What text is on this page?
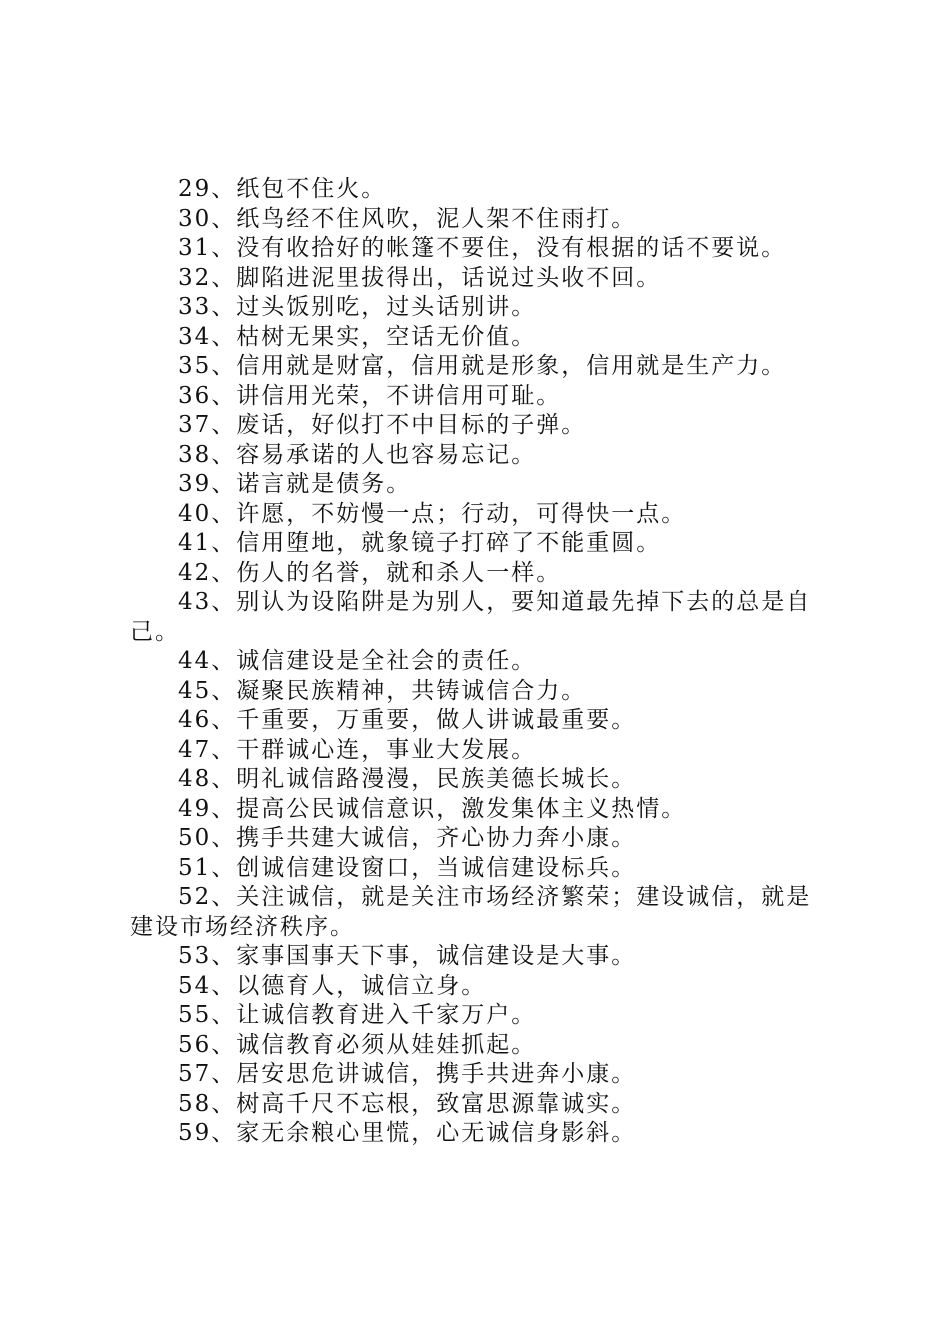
29、纸包不住火。

30、纸鸟经不住风吹，泥人架不住雨打。

31、没有收拾好的帐篷不要住，没有根据的话不要说。

32、脚陷进泥里拔得出，话说过头收不回。

33、过头饭别吃，过头话别讲。

34、枯树无果实，空话无价值。

35、信用就是财富，信用就是形象，信用就是生产力。

36、讲信用光荣，不讲信用可耻。

37、废话，好似打不中目标的子弹。

38、容易承诺的人也容易忘记。

39、诺言就是债务。

40、许愿，不妨慢一点；行动，可得快一点。

41、信用堕地，就象镜子打碎了不能重圆。

42、伤人的名誉，就和杀人一样。

43、别认为设陷阱是为别人，要知道最先掉下去的总是自己。

44、诚信建设是全社会的责任。

45、凝聚民族精神，共铸诚信合力。

46、千重要，万重要，做人讲诚最重要。

47、干群诚心连，事业大发展。

48、明礼诚信路漫漫，民族美德长城长。

49、提高公民诚信意识，激发集体主义热情。

50、携手共建大诚信，齐心协力奔小康。

51、创诚信建设窗口，当诚信建设标兵。

52、关注诚信，就是关注市场经济繁荣；建设诚信，就是建设市场经济秩序。

53、家事国事天下事，诚信建设是大事。

54、以德育人，诚信立身。

55、让诚信教育进入千家万户。

56、诚信教育必须从娃娃抓起。

57、居安思危讲诚信，携手共进奔小康。

58、树高千尺不忘根，致富思源靠诚实。

59、家无余粮心里慌，心无诚信身影斜。
